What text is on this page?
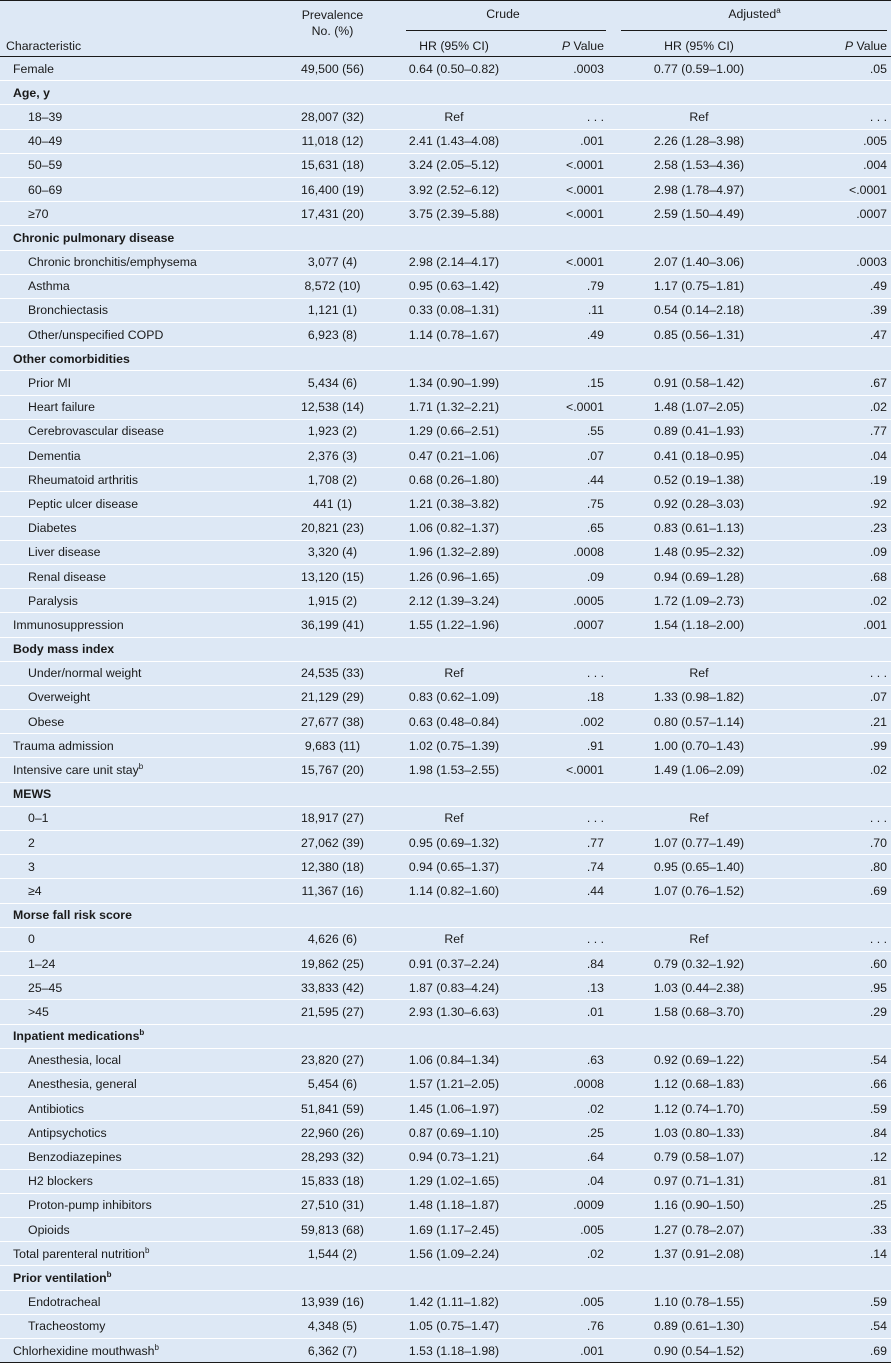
	Prevalence
No. (%)	Crude			Adjusted$^a$

Characteristic		HR (95% CI)	P Value		HR (95% CI)	P Value
Female	49,500 (56)	0.64 (0.50–0.82)	.0003		0.77 (0.59–1.00)	.05
Age, y						
18–39	28,007 (32)	Ref	. . .		Ref	. . .
40–49	11,018 (12)	2.41 (1.43–4.08)	.001		2.26 (1.28–3.98)	.005
50–59	15,631 (18)	3.24 (2.05–5.12)	<.0001		2.58 (1.53–4.36)	.004
60–69	16,400 (19)	3.92 (2.52–6.12)	<.0001		2.98 (1.78–4.97)	<.0001
≥70	17,431 (20)	3.75 (2.39–5.88)	<.0001		2.59 (1.50–4.49)	.0007
Chronic pulmonary disease						
Chronic bronchitis/emphysema	3,077 (4)	2.98 (2.14–4.17)	<.0001		2.07 (1.40–3.06)	.0003
Asthma	8,572 (10)	0.95 (0.63–1.42)	.79		1.17 (0.75–1.81)	.49
Bronchiectasis	1,121 (1)	0.33 (0.08–1.31)	.11		0.54 (0.14–2.18)	.39
Other/unspecified COPD	6,923 (8)	1.14 (0.78–1.67)	.49		0.85 (0.56–1.31)	.47
Other comorbidities						
Prior MI	5,434 (6)	1.34 (0.90–1.99)	.15		0.91 (0.58–1.42)	.67
Heart failure	12,538 (14)	1.71 (1.32–2.21)	<.0001		1.48 (1.07–2.05)	.02
Cerebrovascular disease	1,923 (2)	1.29 (0.66–2.51)	.55		0.89 (0.41–1.93)	.77
Dementia	2,376 (3)	0.47 (0.21–1.06)	.07		0.41 (0.18–0.95)	.04
Rheumatoid arthritis	1,708 (2)	0.68 (0.26–1.80)	.44		0.52 (0.19–1.38)	.19
Peptic ulcer disease	441 (1)	1.21 (0.38–3.82)	.75		0.92 (0.28–3.03)	.92
Diabetes	20,821 (23)	1.06 (0.82–1.37)	.65		0.83 (0.61–1.13)	.23
Liver disease	3,320 (4)	1.96 (1.32–2.89)	.0008		1.48 (0.95–2.32)	.09
Renal disease	13,120 (15)	1.26 (0.96–1.65)	.09		0.94 (0.69–1.28)	.68
Paralysis	1,915 (2)	2.12 (1.39–3.24)	.0005		1.72 (1.09–2.73)	.02
Immunosuppression	36,199 (41)	1.55 (1.22–1.96)	.0007		1.54 (1.18–2.00)	.001
Body mass index						
Under/normal weight	24,535 (33)	Ref	. . .		Ref	. . .
Overweight	21,129 (29)	0.83 (0.62–1.09)	.18		1.33 (0.98–1.82)	.07
Obese	27,677 (38)	0.63 (0.48–0.84)	.002		0.80 (0.57–1.14)	.21
Trauma admission	9,683 (11)	1.02 (0.75–1.39)	.91		1.00 (0.70–1.43)	.99
Intensive care unit stay$^b$	15,767 (20)	1.98 (1.53–2.55)	<.0001		1.49 (1.06–2.09)	.02
MEWS						
0–1	18,917 (27)	Ref	. . .		Ref	. . .
2	27,062 (39)	0.95 (0.69–1.32)	.77		1.07 (0.77–1.49)	.70
3	12,380 (18)	0.94 (0.65–1.37)	.74		0.95 (0.65–1.40)	.80
≥4	11,367 (16)	1.14 (0.82–1.60)	.44		1.07 (0.76–1.52)	.69
Morse fall risk score						
0	4,626 (6)	Ref	. . .		Ref	. . .
1–24	19,862 (25)	0.91 (0.37–2.24)	.84		0.79 (0.32–1.92)	.60
25–45	33,833 (42)	1.87 (0.83–4.24)	.13		1.03 (0.44–2.38)	.95
>45	21,595 (27)	2.93 (1.30–6.63)	.01		1.58 (0.68–3.70)	.29
Inpatient medications$^b$
Anesthesia, local	23,820 (27)	1.06 (0.84–1.34)	.63		0.92 (0.69–1.22)	.54
Anesthesia, general	5,454 (6)	1.57 (1.21–2.05)	.0008		1.12 (0.68–1.83)	.66
Antibiotics	51,841 (59)	1.45 (1.06–1.97)	.02		1.12 (0.74–1.70)	.59
Antipsychotics	22,960 (26)	0.87 (0.69–1.10)	.25		1.03 (0.80–1.33)	.84
Benzodiazepines	28,293 (32)	0.94 (0.73–1.21)	.64		0.79 (0.58–1.07)	.12
H2 blockers	15,833 (18)	1.29 (1.02–1.65)	.04		0.97 (0.71–1.31)	.81
Proton-pump inhibitors	27,510 (31)	1.48 (1.18–1.87)	.0009		1.16 (0.90–1.50)	.25
Opioids	59,813 (68)	1.69 (1.17–2.45)	.005		1.27 (0.78–2.07)	.33
Total parenteral nutrition$^b$	1,544 (2)	1.56 (1.09–2.24)	.02		1.37 (0.91–2.08)	.14
Prior ventilation$^b$
Endotracheal	13,939 (16)	1.42 (1.11–1.82)	.005		1.10 (0.78–1.55)	.59
Tracheostomy	4,348 (5)	1.05 (0.75–1.47)	.76		0.89 (0.61–1.30)	.54
Chlorhexidine mouthwash$^b$	6,362 (7)	1.53 (1.18–1.98)	.001		0.90 (0.54–1.52)	.69
